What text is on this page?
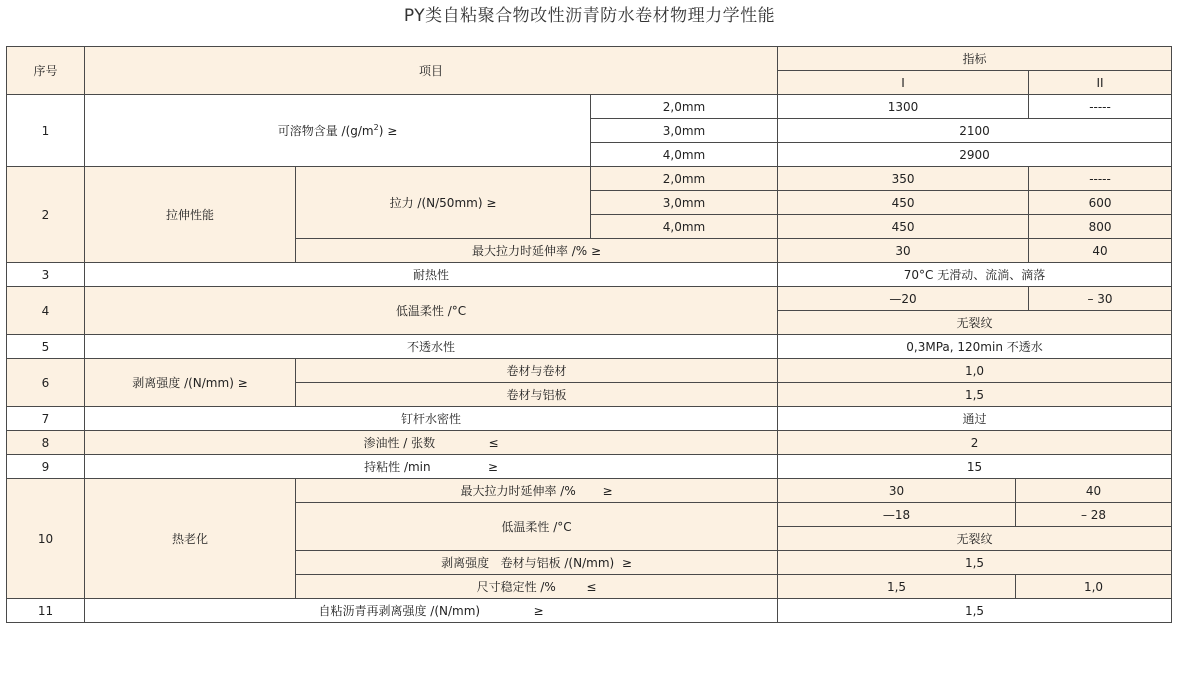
PY类自粘聚合物改性沥青防水卷材物理力学性能
序号	项目			指标		
				I		II
1	可溶物含量 $/(g/m^2)$ ≥		2,0mm	1300		-----
			3,0mm	2100		
			4,0mm	2900		
2	拉伸性能	拉力 /(N/50mm) ≥	2,0mm	350		-----
			3,0mm	450		600
			4,0mm	450		800
		最大拉力时延伸率 /% ≥		30		40
3	耐热性			70°C 无滑动、流淌、滴落		
4	低温柔性 /°C			—20		– 30
				无裂纹		
5	不透水性			0,3MPa, 120min 不透水		
6	剥离强度 /(N/mm) ≥	卷材与卷材		1,0		
		卷材与铝板		1,5		
7	钉杆水密性			通过		
8	渗油性 / 张数              ≤			2		
9	持粘性 /min               ≥			15		
10	热老化	最大拉力时延伸率 /%       ≥		30	40	
		低温柔性 /°C		—18	– 28	
				无裂纹		
		剥离强度   卷材与铝板 /(N/mm)  ≥		1,5		
		尺寸稳定性 /%        ≤		1,5	1,0	
11	自粘沥青再剥离强度 /(N/mm)              ≥			1,5		
